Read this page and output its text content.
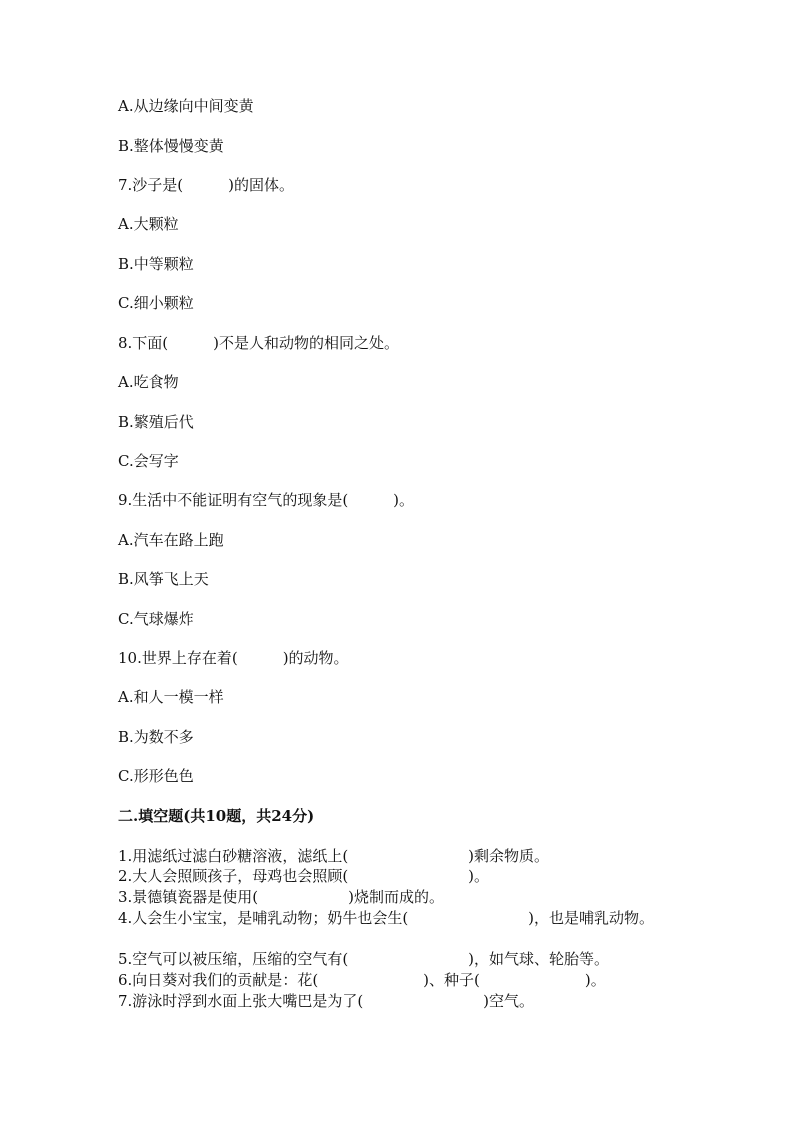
A.从边缘向中间变黄
B.整体慢慢变黄
7.沙子是(　　　)的固体。
A.大颗粒
B.中等颗粒
C.细小颗粒
8.下面(　　　)不是人和动物的相同之处。
A.吃食物
B.繁殖后代
C.会写字
9.生活中不能证明有空气的现象是(　　　)。
A.汽车在路上跑
B.风筝飞上天
C.气球爆炸
10.世界上存在着(　　　)的动物。
A.和人一模一样
B.为数不多
C.形形色色
二.填空题(共10题，共24分)
1.用滤纸过滤白砂糖溶液，滤纸上(　　　　　　　　)剩余物质。
2.大人会照顾孩子，母鸡也会照顾(　　　　　　　　)。
3.景德镇瓷器是使用(　　　　　　)烧制而成的。
4.人会生小宝宝，是哺乳动物；奶牛也会生(　　　　　　　　)，也是哺乳动物。
5.空气可以被压缩，压缩的空气有(　　　　　　　　)，如气球、轮胎等。
6.向日葵对我们的贡献是：花(　　　　　　　)、种子(　　　　　　　)。
7.游泳时浮到水面上张大嘴巴是为了(　　　　　　　　)空气。
